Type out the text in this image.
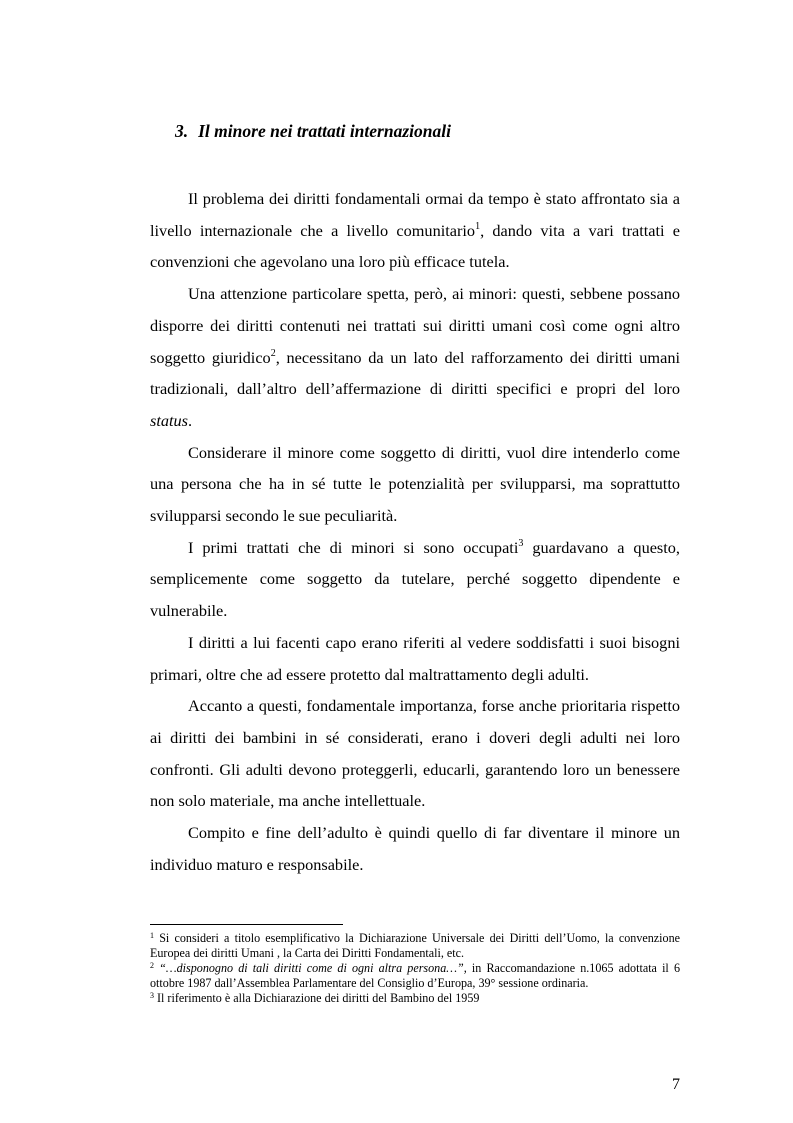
3. Il minore nei trattati internazionali

Il problema dei diritti fondamentali ormai da tempo è stato affrontato sia a livello internazionale che a livello comunitario$^1$, dando vita a vari trattati e convenzioni che agevolano una loro più efficace tutela.

Una attenzione particolare spetta, però, ai minori: questi, sebbene possano disporre dei diritti contenuti nei trattati sui diritti umani così come ogni altro soggetto giuridico$^2$, necessitano da un lato del rafforzamento dei diritti umani tradizionali, dall’altro dell’affermazione di diritti specifici e propri del loro status.

Considerare il minore come soggetto di diritti, vuol dire intenderlo come una persona che ha in sé tutte le potenzialità per svilupparsi, ma soprattutto svilupparsi secondo le sue peculiarità.

I primi trattati che di minori si sono occupati$^3$ guardavano a questo, semplicemente come soggetto da tutelare, perché soggetto dipendente e vulnerabile.

I diritti a lui facenti capo erano riferiti al vedere soddisfatti i suoi bisogni primari, oltre che ad essere protetto dal maltrattamento degli adulti.

Accanto a questi, fondamentale importanza, forse anche prioritaria rispetto ai diritti dei bambini in sé considerati, erano i doveri degli adulti nei loro confronti. Gli adulti devono proteggerli, educarli, garantendo loro un benessere non solo materiale, ma anche intellettuale.

Compito e fine dell’adulto è quindi quello di far diventare il minore un individuo maturo e responsabile.

$^1$ Si consideri a titolo esemplificativo la Dichiarazione Universale dei Diritti dell’Uomo, la convenzione Europea dei diritti Umani , la Carta dei Diritti Fondamentali, etc.

$^2$ “…disponogno di tali diritti come di ogni altra persona…”, in Raccomandazione n.1065 adottata il 6 ottobre 1987 dall’Assemblea Parlamentare del Consiglio d’Europa, 39° sessione ordinaria.

$^3$ Il riferimento è alla Dichiarazione dei diritti del Bambino del 1959

7
